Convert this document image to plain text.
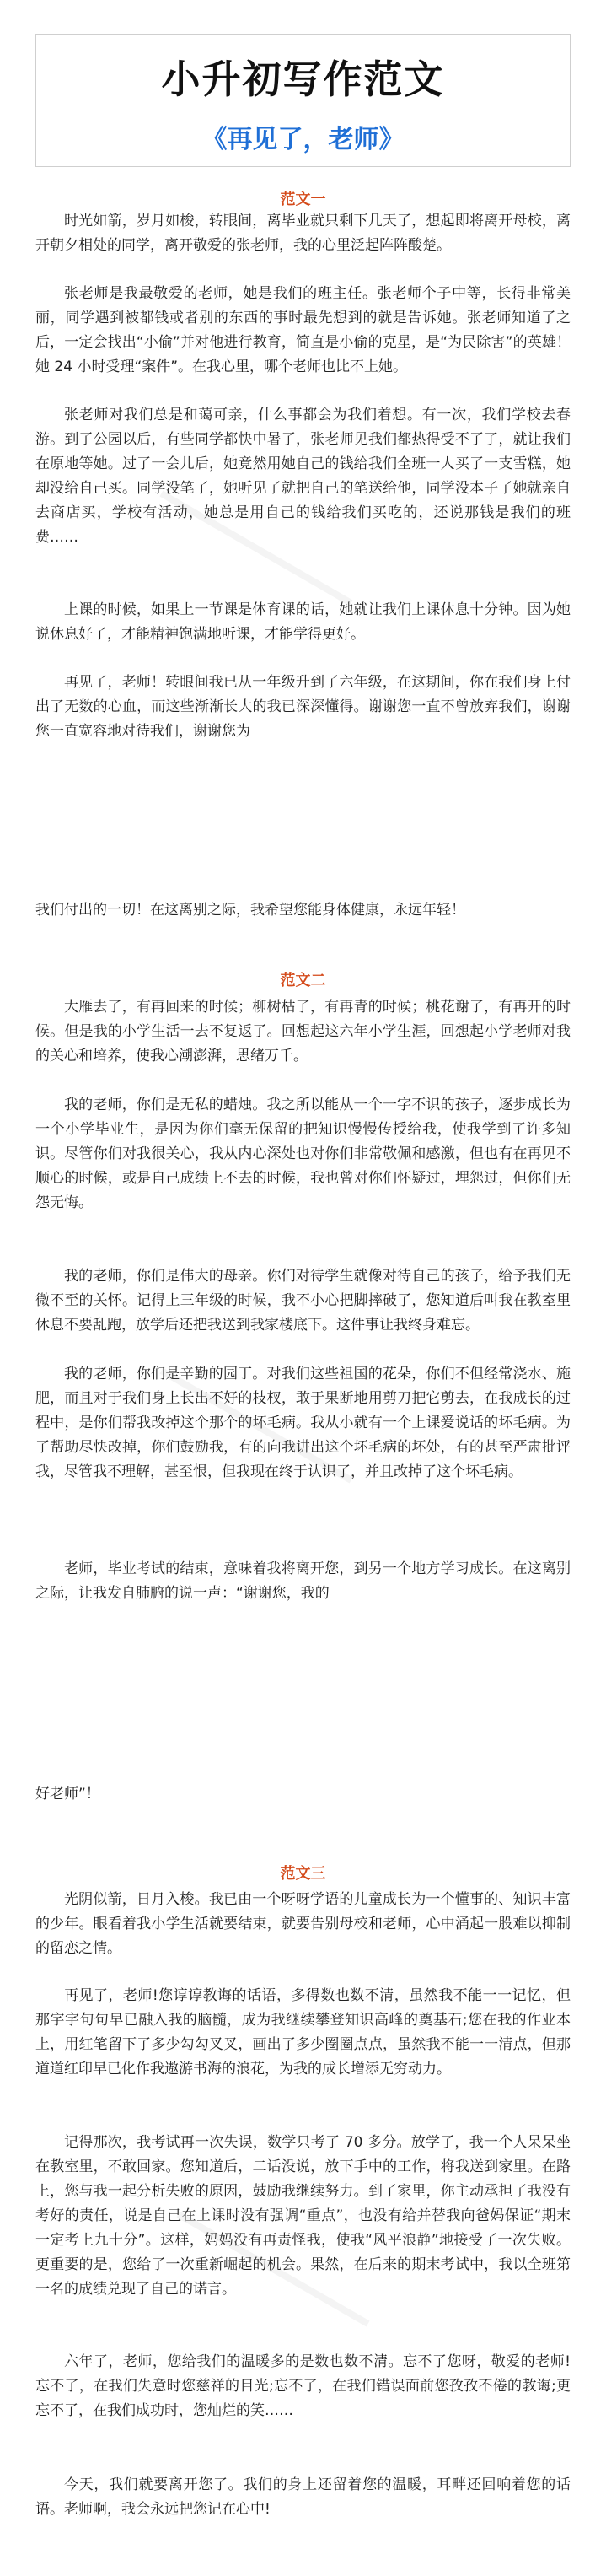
小升初写作范文
《再见了，老师》
范文一

时光如箭，岁月如梭，转眼间，离毕业就只剩下几天了，想起即将离开母校，离开朝夕相处的同学，离开敬爱的张老师，我的心里泛起阵阵酸楚。

张老师是我最敬爱的老师，她是我们的班主任。张老师个子中等，长得非常美丽，同学遇到被都钱或者别的东西的事时最先想到的就是告诉她。张老师知道了之后，一定会找出“小偷”并对他进行教育，简直是小偷的克星，是“为民除害”的英雄！她 24 小时受理“案件”。在我心里，哪个老师也比不上她。

张老师对我们总是和蔼可亲，什么事都会为我们着想。有一次，我们学校去春游。到了公园以后，有些同学都快中暑了，张老师见我们都热得受不了了，就让我们在原地等她。过了一会儿后，她竟然用她自己的钱给我们全班一人买了一支雪糕，她却没给自己买。同学没笔了，她听见了就把自己的笔送给他，同学没本子了她就亲自去商店买，学校有活动，她总是用自己的钱给我们买吃的，还说那钱是我们的班费……

上课的时候，如果上一节课是体育课的话，她就让我们上课休息十分钟。因为她说休息好了，才能精神饱满地听课，才能学得更好。

再见了，老师！转眼间我已从一年级升到了六年级，在这期间，你在我们身上付出了无数的心血，而这些渐渐长大的我已深深懂得。谢谢您一直不曾放弃我们，谢谢您一直宽容地对待我们，谢谢您为

我们付出的一切！在这离别之际，我希望您能身体健康，永远年轻！

范文二

大雁去了，有再回来的时候；柳树枯了，有再青的时候；桃花谢了，有再开的时候。但是我的小学生活一去不复返了。回想起这六年小学生涯，回想起小学老师对我的关心和培养，使我心潮澎湃，思绪万千。

我的老师，你们是无私的蜡烛。我之所以能从一个一字不识的孩子，逐步成长为一个小学毕业生，是因为你们毫无保留的把知识慢慢传授给我，使我学到了许多知识。尽管你们对我很关心，我从内心深处也对你们非常敬佩和感激，但也有在再见不顺心的时候，或是自己成绩上不去的时候，我也曾对你们怀疑过，埋怨过，但你们无怨无悔。

我的老师，你们是伟大的母亲。你们对待学生就像对待自己的孩子，给予我们无微不至的关怀。记得上三年级的时候，我不小心把脚摔破了，您知道后叫我在教室里休息不要乱跑，放学后还把我送到我家楼底下。这件事让我终身难忘。

我的老师，你们是辛勤的园丁。对我们这些祖国的花朵，你们不但经常浇水、施肥，而且对于我们身上长出不好的枝杈，敢于果断地用剪刀把它剪去，在我成长的过程中，是你们帮我改掉这个那个的坏毛病。我从小就有一个上课爱说话的坏毛病。为了帮助尽快改掉，你们鼓励我，有的向我讲出这个坏毛病的坏处，有的甚至严肃批评我，尽管我不理解，甚至恨，但我现在终于认识了，并且改掉了这个坏毛病。

老师，毕业考试的结束，意味着我将离开您，到另一个地方学习成长。在这离别之际，让我发自肺腑的说一声：“谢谢您，我的

好老师”！

范文三

光阴似箭，日月入梭。我已由一个呀呀学语的儿童成长为一个懂事的、知识丰富的少年。眼看着我小学生活就要结束，就要告别母校和老师，心中涌起一股难以抑制的留恋之情。

再见了，老师!您谆谆教诲的话语，多得数也数不清，虽然我不能一一记忆，但那字字句句早已融入我的脑髓，成为我继续攀登知识高峰的奠基石;您在我的作业本上，用红笔留下了多少勾勾叉叉，画出了多少圈圈点点，虽然我不能一一清点，但那道道红印早已化作我遨游书海的浪花，为我的成长增添无穷动力。

记得那次，我考试再一次失误，数学只考了 70 多分。放学了，我一个人呆呆坐在教室里，不敢回家。您知道后，二话没说，放下手中的工作，将我送到家里。在路上，您与我一起分析失败的原因，鼓励我继续努力。到了家里，你主动承担了我没有考好的责任，说是自己在上课时没有强调“重点”，也没有给并替我向爸妈保证“期末一定考上九十分”。这样，妈妈没有再责怪我，使我“风平浪静”地接受了一次失败。更重要的是，您给了一次重新崛起的机会。果然，在后来的期末考试中，我以全班第一名的成绩兑现了自己的诺言。

六年了，老师，您给我们的温暖多的是数也数不清。忘不了您呀，敬爱的老师!忘不了，在我们失意时您慈祥的目光;忘不了，在我们错误面前您孜孜不倦的教诲;更忘不了，在我们成功时，您灿烂的笑……

今天，我们就要离开您了。我们的身上还留着您的温暖，耳畔还回响着您的话语。老师啊，我会永远把您记在心中!
